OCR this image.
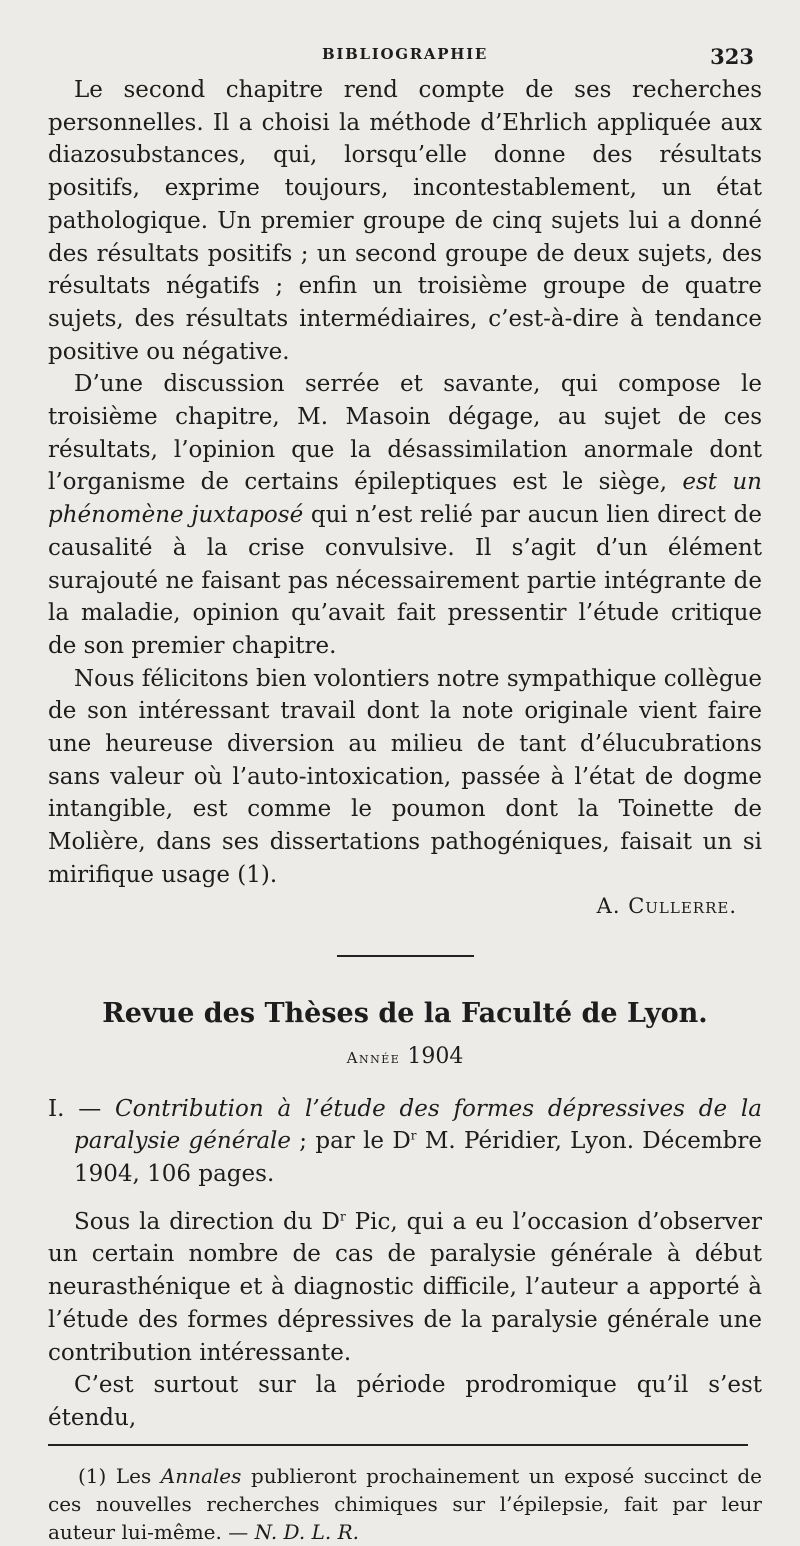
BIBLIOGRAPHIE	323

Le second chapitre rend compte de ses recherches personnelles. Il a choisi la méthode d’Ehrlich appliquée aux diazosubstances, qui, lorsqu’elle donne des résultats positifs, exprime toujours, incontestablement, un état pathologique. Un premier groupe de cinq sujets lui a donné des résultats positifs ; un second groupe de deux sujets, des résultats négatifs ; enfin un troisième groupe de quatre sujets, des résultats intermédiaires, c’est-à-dire à tendance positive ou négative.

D’une discussion serrée et savante, qui compose le troisième chapitre, M. Masoin dégage, au sujet de ces résultats, l’opinion que la désassimilation anormale dont l’organisme de certains épileptiques est le siège, est un phénomène juxtaposé qui n’est relié par aucun lien direct de causalité à la crise convulsive. Il s’agit d’un élément surajouté ne faisant pas nécessairement partie intégrante de la maladie, opinion qu’avait fait pressentir l’étude critique de son premier chapitre.

Nous félicitons bien volontiers notre sympathique collègue de son intéressant travail dont la note originale vient faire une heureuse diversion au milieu de tant d’élucubrations sans valeur où l’auto-intoxication, passée à l’état de dogme intangible, est comme le poumon dont la Toinette de Molière, dans ses dissertations pathogéniques, faisait un si mirifique usage (1).

A. Cullerre.
Revue des Thèses de la Faculté de Lyon.
Année 1904

I. — Contribution à l’étude des formes dépressives de la paralysie générale ; par le $D^r$ M. Péridier, Lyon. Décembre 1904, 106 pages.

Sous la direction du $D^r$ Pic, qui a eu l’occasion d’observer un certain nombre de cas de paralysie générale à début neurasthénique et à diagnostic difficile, l’auteur a apporté à l’étude des formes dépressives de la paralysie générale une contribution intéressante.

C’est surtout sur la période prodromique qu’il s’est étendu,

(1) Les Annales publieront prochainement un exposé succinct de ces nouvelles recherches chimiques sur l’épilepsie, fait par leur auteur lui-même. — N. D. L. R.
